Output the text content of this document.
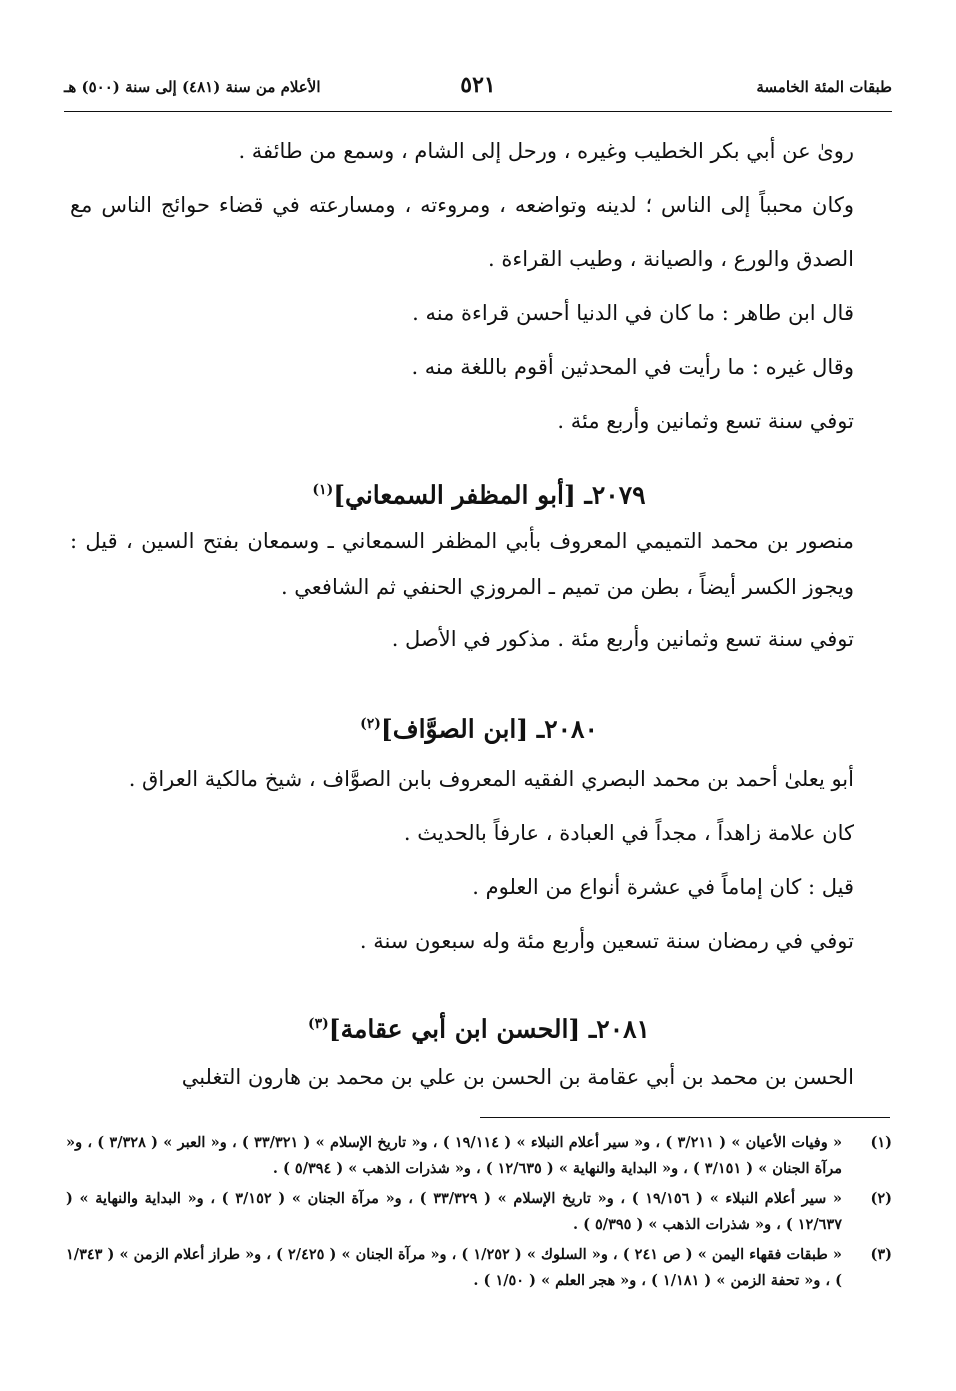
الأعلام من سنة (٤٨١) إلى سنة (٥٠٠) هـ	٥٢١	طبقات المئة الخامسة

روىٰ عن أبي بكر الخطيب وغيره ، ورحل إلى الشام ، وسمع من طائفة .

وكان محبباً إلى الناس ؛ لدينه وتواضعه ، ومروءته ، ومسارعته في قضاء حوائج الناس مع الصدق والورع ، والصيانة ، وطيب القراءة .

قال ابن طاهر : ما كان في الدنيا أحسن قراءة منه .

وقال غيره : ما رأيت في المحدثين أقوم باللغة منه .

توفي سنة تسع وثمانين وأربع مئة .

٢٠٧٩ـ [أبو المظفر السمعاني]$^{(١)}$

منصور بن محمد التميمي المعروف بأبي المظفر السمعاني ـ وسمعان بفتح السين ، قيل : ويجوز الكسر أيضاً ، بطن من تميم ـ المروزي الحنفي ثم الشافعي .

توفي سنة تسع وثمانين وأربع مئة . مذكور في الأصل .

٢٠٨٠ـ [ابن الصوَّاف]$^{(٢)}$

أبو يعلىٰ أحمد بن محمد البصري الفقيه المعروف بابن الصوَّاف ، شيخ مالكية العراق .

كان علامة زاهداً ، مجداً في العبادة ، عارفاً بالحديث .

قيل : كان إماماً في عشرة أنواع من العلوم .

توفي في رمضان سنة تسعين وأربع مئة وله سبعون سنة .

٢٠٨١ـ [الحسن ابن أبي عقامة]$^{(٣)}$

الحسن بن محمد بن أبي عقامة بن الحسن بن علي بن محمد بن هارون التغلبي

(١)
« وفيات الأعيان » ( ٣/٢١١ ) ، و« سير أعلام النبلاء » ( ١٩/١١٤ ) ، و« تاريخ الإسلام » ( ٣٣/٣٢١ ) ، و« العبر » ( ٣/٣٢٨ ) ، و« مرآة الجنان » ( ٣/١٥١ ) ، و« البداية والنهاية » ( ١٢/٦٣٥ ) ، و« شذرات الذهب » ( ٥/٣٩٤ ) .
(٢)
« سير أعلام النبلاء » ( ١٩/١٥٦ ) ، و« تاريخ الإسلام » ( ٣٣/٣٢٩ ) ، و« مرآة الجنان » ( ٣/١٥٢ ) ، و« البداية والنهاية » ( ١٢/٦٣٧ ) ، و« شذرات الذهب » ( ٥/٣٩٥ ) .
(٣)
« طبقات فقهاء اليمن » ( ص ٢٤١ ) ، و« السلوك » ( ١/٢٥٢ ) ، و« مرآة الجنان » ( ٢/٤٢٥ ) ، و« طراز أعلام الزمن » ( ١/٣٤٣ ) ، و« تحفة الزمن » ( ١/١٨١ ) ، و« هجر العلم » ( ١/٥٠ ) .
